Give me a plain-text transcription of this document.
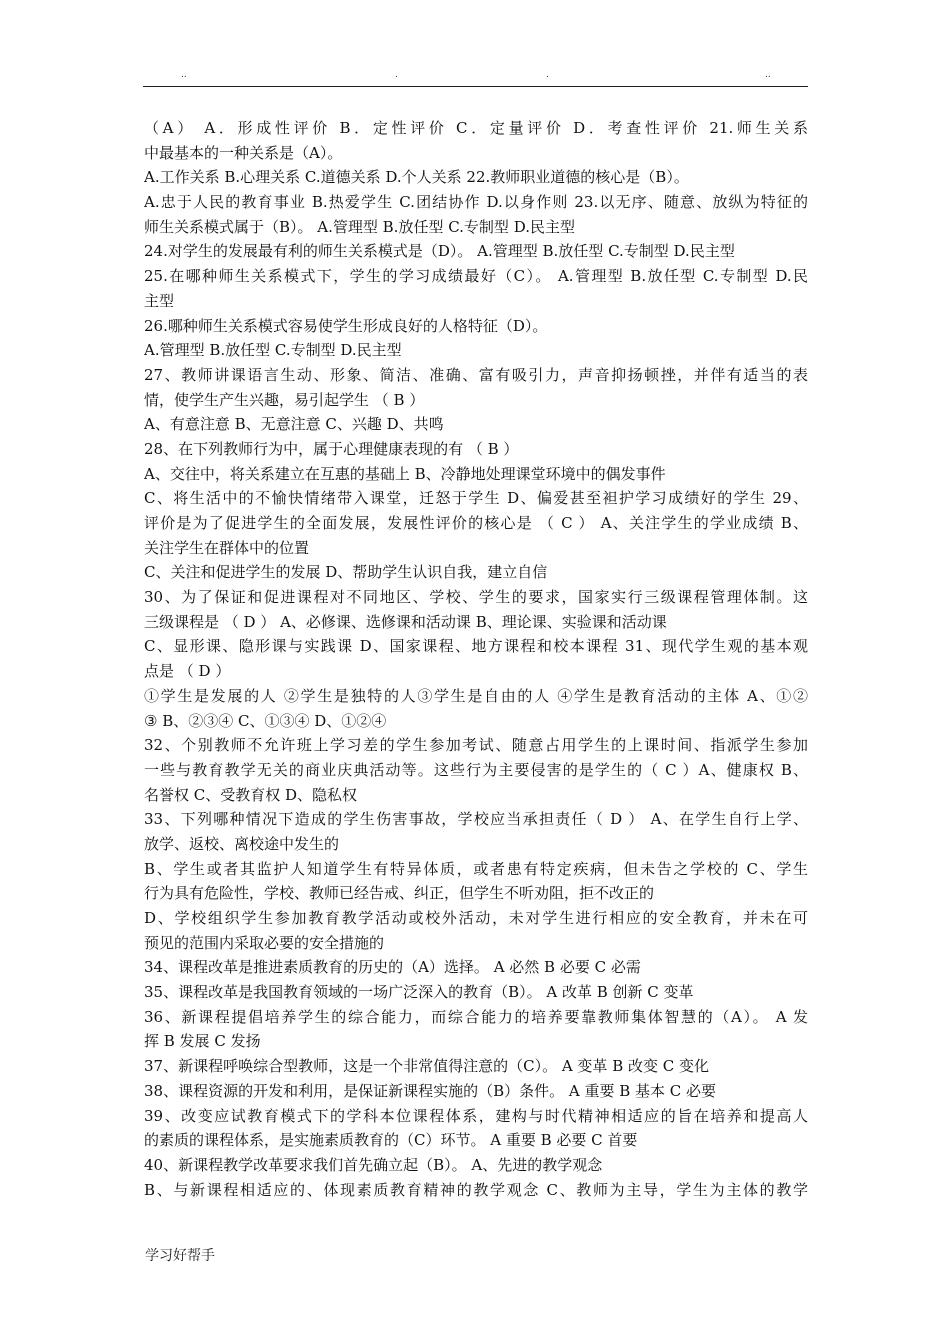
..	.	.	..
（A） A．形成性评价 B．定性评价 C．定量评价 D．考查性评价 21.师生关系
中最基本的一种关系是（A）。
A.工作关系 B.心理关系 C.道德关系 D.个人关系 22.教师职业道德的核心是（B）。
A.忠于人民的教育事业 B.热爱学生 C.团结协作 D.以身作则 23.以无序、随意、放纵为特征的
师生关系模式属于（B）。 A.管理型 B.放任型 C.专制型 D.民主型
24.对学生的发展最有利的师生关系模式是（D）。 A.管理型 B.放任型 C.专制型 D.民主型
25.在哪种师生关系模式下，学生的学习成绩最好（C）。 A.管理型 B.放任型 C.专制型 D.民
主型
26.哪种师生关系模式容易使学生形成良好的人格特征（D）。
A.管理型 B.放任型 C.专制型 D.民主型
27、教师讲课语言生动、形象、简洁、准确、富有吸引力，声音抑扬顿挫，并伴有适当的表
情，使学生产生兴趣，易引起学生 （ B ）
A、有意注意 B、无意注意 C、兴趣 D、共鸣
28、在下列教师行为中，属于心理健康表现的有 （ B ）
A、交往中，将关系建立在互惠的基础上 B、冷静地处理课堂环境中的偶发事件
C、将生活中的不愉快情绪带入课堂，迁怒于学生 D、偏爱甚至袒护学习成绩好的学生 29、
评价是为了促进学生的全面发展，发展性评价的核心是 （ C ） A、关注学生的学业成绩 B、
关注学生在群体中的位置
C、关注和促进学生的发展 D、帮助学生认识自我，建立自信
30、为了保证和促进课程对不同地区、学校、学生的要求，国家实行三级课程管理体制。这
三级课程是 （ D ） A、必修课、选修课和活动课 B、理论课、实验课和活动课
C、显形课、隐形课与实践课 D、国家课程、地方课程和校本课程 31、现代学生观的基本观
点是 （ D ）
①学生是发展的人 ②学生是独特的人③学生是自由的人 ④学生是教育活动的主体 A、①②
③ B、②③④ C、①③④ D、①②④
32、个别教师不允许班上学习差的学生参加考试、随意占用学生的上课时间、指派学生参加
一些与教育教学无关的商业庆典活动等。这些行为主要侵害的是学生的（ C ）A、健康权 B、
名誉权 C、受教育权 D、隐私权
33、下列哪种情况下造成的学生伤害事故，学校应当承担责任（ D ） A、在学生自行上学、
放学、返校、离校途中发生的
B、学生或者其监护人知道学生有特异体质，或者患有特定疾病，但未告之学校的 C、学生
行为具有危险性，学校、教师已经告戒、纠正，但学生不听劝阻，拒不改正的
D、学校组织学生参加教育教学活动或校外活动，未对学生进行相应的安全教育，并未在可
预见的范围内采取必要的安全措施的
34、课程改革是推进素质教育的历史的（A）选择。 A 必然 B 必要 C 必需
35、课程改革是我国教育领域的一场广泛深入的教育（B）。 A 改革 B 创新 C 变革
36、新课程提倡培养学生的综合能力，而综合能力的培养要靠教师集体智慧的（A）。 A 发
挥 B 发展 C 发扬
37、新课程呼唤综合型教师，这是一个非常值得注意的（C）。 A 变革 B 改变 C 变化
38、课程资源的开发和利用，是保证新课程实施的（B）条件。 A 重要 B 基本 C 必要
39、改变应试教育模式下的学科本位课程体系，建构与时代精神相适应的旨在培养和提高人
的素质的课程体系，是实施素质教育的（C）环节。 A 重要 B 必要 C 首要
40、新课程教学改革要求我们首先确立起（B）。 A、先进的教学观念
B、与新课程相适应的、体现素质教育精神的教学观念 C、教师为主导，学生为主体的教学
学习好帮手
